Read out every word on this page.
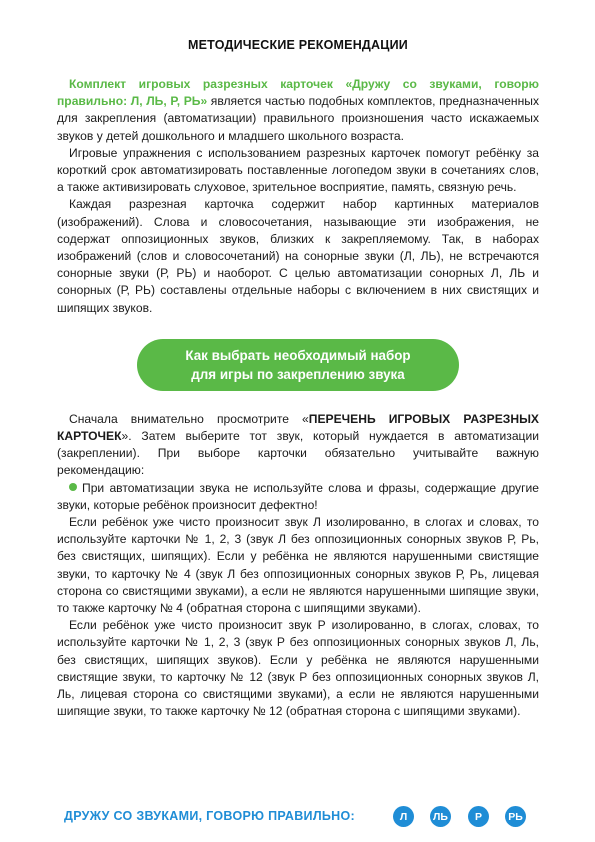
МЕТОДИЧЕСКИЕ РЕКОМЕНДАЦИИ

Комплект игровых разрезных карточек «Дружу со звуками, говорю правильно: Л, ЛЬ, Р, РЬ» является частью подобных комплектов, предназначенных для закрепления (автоматизации) правильного произношения часто искажаемых звуков у детей дошкольного и младшего школьного возраста.

Игровые упражнения с использованием разрезных карточек помогут ребёнку за короткий срок автоматизировать поставленные логопедом звуки в сочетаниях слов, а также активизировать слуховое, зрительное восприятие, память, связную речь.

Каждая разрезная карточка содержит набор картинных материалов (изображений). Слова и словосочетания, называющие эти изображения, не содержат оппозиционных звуков, близких к закрепляемому. Так, в наборах изображений (слов и словосочетаний) на сонорные звуки (Л, ЛЬ), не встречаются сонорные звуки (Р, РЬ) и наоборот. С целью автоматизации сонорных Л, ЛЬ и сонорных (Р, РЬ) составлены отдельные наборы с включением в них свистящих и шипящих звуков.

Как выбрать необходимый набор
для игры по закреплению звука

Сначала внимательно просмотрите «ПЕРЕЧЕНЬ ИГРОВЫХ РАЗРЕЗНЫХ КАРТОЧЕК». Затем выберите тот звук, который нуждается в автоматизации (закреплении). При выборе карточки обязательно учитывайте важную рекомендацию:

При автоматизации звука не используйте слова и фразы, содержащие другие звуки, которые ребёнок произносит дефектно!

Если ребёнок уже чисто произносит звук Л изолированно, в слогах и словах, то используйте карточки № 1, 2, 3 (звук Л без оппозиционных сонорных звуков Р, Рь, без свистящих, шипящих). Если у ребёнка не являются нарушенными свистящие звуки, то карточку № 4 (звук Л без оппозиционных сонорных звуков Р, Рь, лицевая сторона со свистящими звуками), а если не являются нарушенными шипящие звуки, то также карточку № 4 (обратная сторона с шипящими звуками).

Если ребёнок уже чисто произносит звук Р изолированно, в слогах, словах, то используйте карточки № 1, 2, 3 (звук Р без оппозиционных сонорных звуков Л, Ль, без свистящих, шипящих звуков). Если у ребёнка не являются нарушенными свистящие звуки, то карточку № 12 (звук Р без оппозиционных сонорных звуков Л, Ль, лицевая сторона со свистящими звуками), а если не являются нарушенными шипящие звуки, то также карточку № 12 (обратная сторона с шипящими звуками).

ДРУЖУ СО ЗВУКАМИ, ГОВОРЮ ПРАВИЛЬНО:	Л	ЛЬ	Р	РЬ
